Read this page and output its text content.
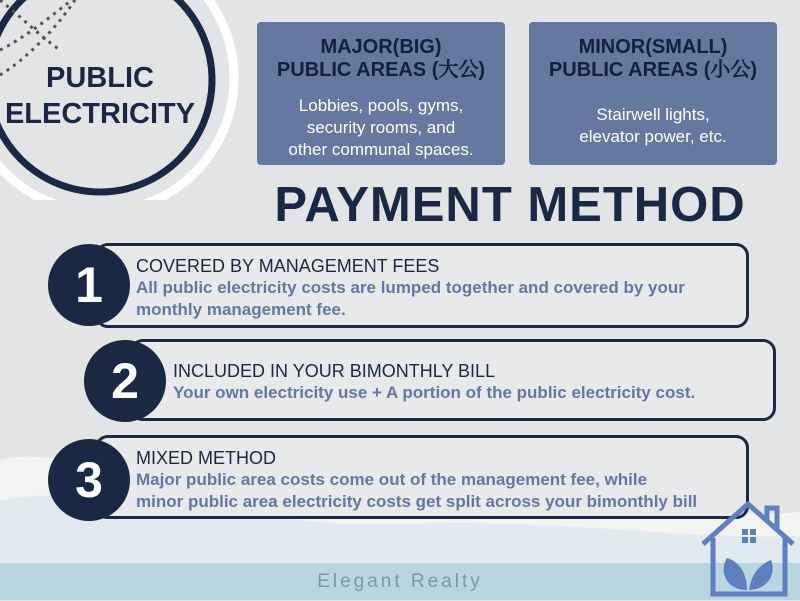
PUBLIC
ELECTRICITY
MAJOR(BIG)
PUBLIC AREAS (大公)
Lobbies, pools, gyms,
security rooms, and
other communal spaces.
MINOR(SMALL)
PUBLIC AREAS (小公)
Stairwell lights,
elevator power, etc.
PAYMENT METHOD
COVERED BY MANAGEMENT FEES
All public electricity costs are lumped together and covered by your
monthly management fee.
1
INCLUDED IN YOUR BIMONTHLY BILL
Your own electricity use + A portion of the public electricity cost.
2
MIXED METHOD
Major public area costs come out of the management fee, while
minor public area electricity costs get split across your bimonthly bill
3
Elegant Realty
